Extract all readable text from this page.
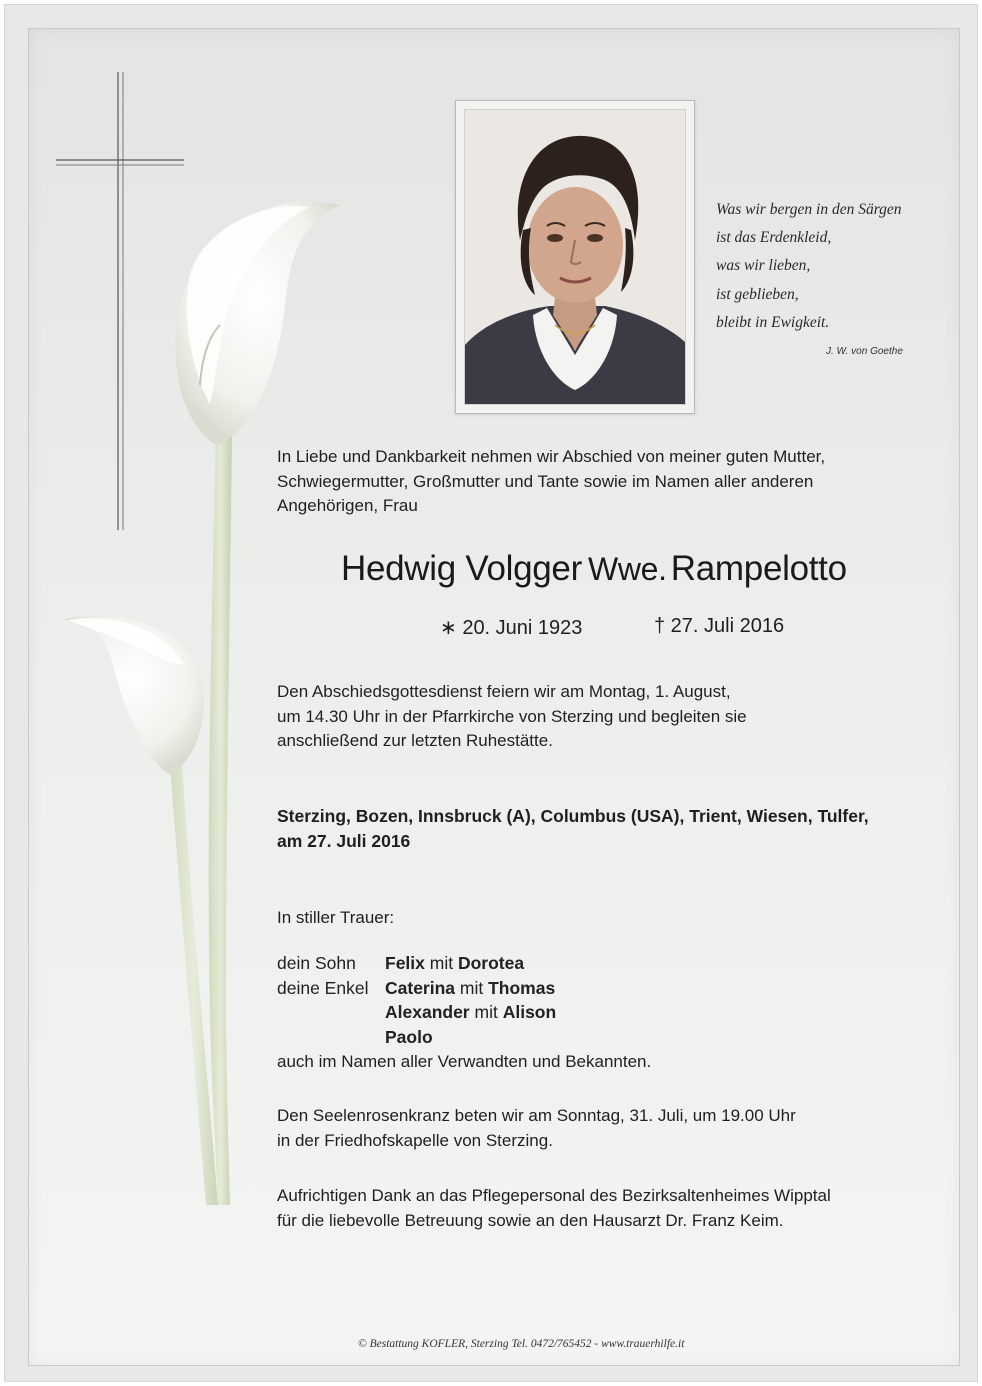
Was wir bergen in den Särgen
ist das Erdenkleid,
was wir lieben,
ist geblieben,
bleibt in Ewigkeit.
J. W. von Goethe
In Liebe und Dankbarkeit nehmen wir Abschied von meiner guten Mutter,
Schwiegermutter, Großmutter und Tante sowie im Namen aller anderen
Angehörigen, Frau
Hedwig Volgger Wwe. Rampelotto
∗ 20. Juni 1923	† 27. Juli 2016
Den Abschiedsgottesdienst feiern wir am Montag, 1. August,
um 14.30 Uhr in der Pfarrkirche von Sterzing und begleiten sie
anschließend zur letzten Ruhestätte.
Sterzing, Bozen, Innsbruck (A), Columbus (USA), Trient, Wiesen, Tulfer,
am 27. Juli 2016
In stiller Trauer:
dein Sohn Felix mit Dorotea
deine Enkel Caterina mit Thomas
Alexander mit Alison
Paolo
auch im Namen aller Verwandten und Bekannten.
Den Seelenrosenkranz beten wir am Sonntag, 31. Juli, um 19.00 Uhr
in der Friedhofskapelle von Sterzing.
Aufrichtigen Dank an das Pflegepersonal des Bezirksaltenheimes Wipptal
für die liebevolle Betreuung sowie an den Hausarzt Dr. Franz Keim.
© Bestattung KOFLER, Sterzing Tel. 0472/765452 - www.trauerhilfe.it
